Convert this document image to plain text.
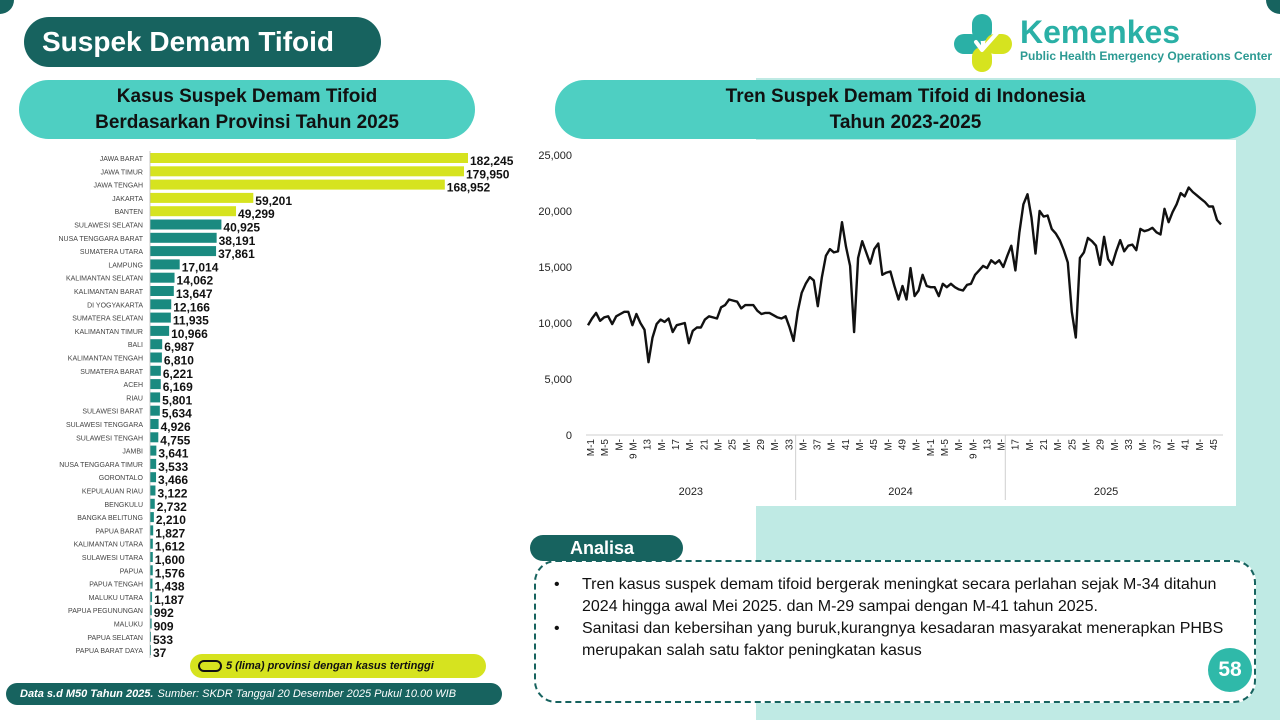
Suspek Demam Tifoid	Kemenkes
Public Health Emergency Operations Center
Kasus Suspek Demam Tifoid
Berdasarkan Provinsi Tahun 2025
Tren Suspek Demam Tifoid di Indonesia
Tahun 2023-2025
JAWA BARAT	182,245
JAWA TIMUR	179,950
JAWA TENGAH	168,952
JAKARTA	59,201
BANTEN	49,299
SULAWESI SELATAN	40,925
NUSA TENGGARA BARAT	38,191
SUMATERA UTARA	37,861
LAMPUNG	17,014
KALIMANTAN SELATAN	14,062
KALIMANTAN BARAT	13,647
DI YOGYAKARTA	12,166
SUMATERA SELATAN 11,935
KALIMANTAN TIMUR 10,966
BALI 6,987
KALIMANTAN TENGAH 6,810
SUMATERA BARAT 6,221
ACEH 6,169
RIAU 5,801
SULAWESI BARAT 5,634
SULAWESI TENGGARA 4,926
SULAWESI TENGAH 4,755
JAMBI 3,641
NUSA TENGGARA TIMUR 3,533
GORONTALO 3,466
KEPULAUAN RIAU 3,122
BENGKULU 2,732
BANGKA BELITUNG 2,210
PAPUA BARAT 1,827
KALIMANTAN UTARA 1,612
SULAWESI UTARA 1,600
PAPUA 1,576
PAPUA TENGAH 1,438
MALUKU UTARA 1,187
PAPUA PEGUNUNGAN 992
MALUKU 909
PAPUA SELATAN 533
PAPUA BARAT DAYA 37
0
5,000
10,000
15,000
20,000
25,000
M-1 M-5 M- 9 M- 13 M- 17 M- 21 M- 25 M- 29 M- 33 M- 37 M- 41 M- 45 M- 49 M- M-1 M-5 M- 9 M- 13 M- 17 M- 21 M- 25 M- 29 M- 33 M- 37 M- 41 M- 45
2023	2024	2025
5 (lima) provinsi dengan kasus tertinggi
Data s.d M50 Tahun 2025. Sumber: SKDR Tanggal 20 Desember 2025 Pukul 10.00 WIB
Analisa
• Tren kasus suspek demam tifoid bergerak meningkat secara perlahan sejak M-34 ditahun 2024 hingga awal Mei 2025. dan M-29 sampai dengan M-41 tahun 2025.
• Sanitasi dan kebersihan yang buruk,kurangnya kesadaran masyarakat menerapkan PHBS merupakan salah satu faktor peningkatan kasus
58
